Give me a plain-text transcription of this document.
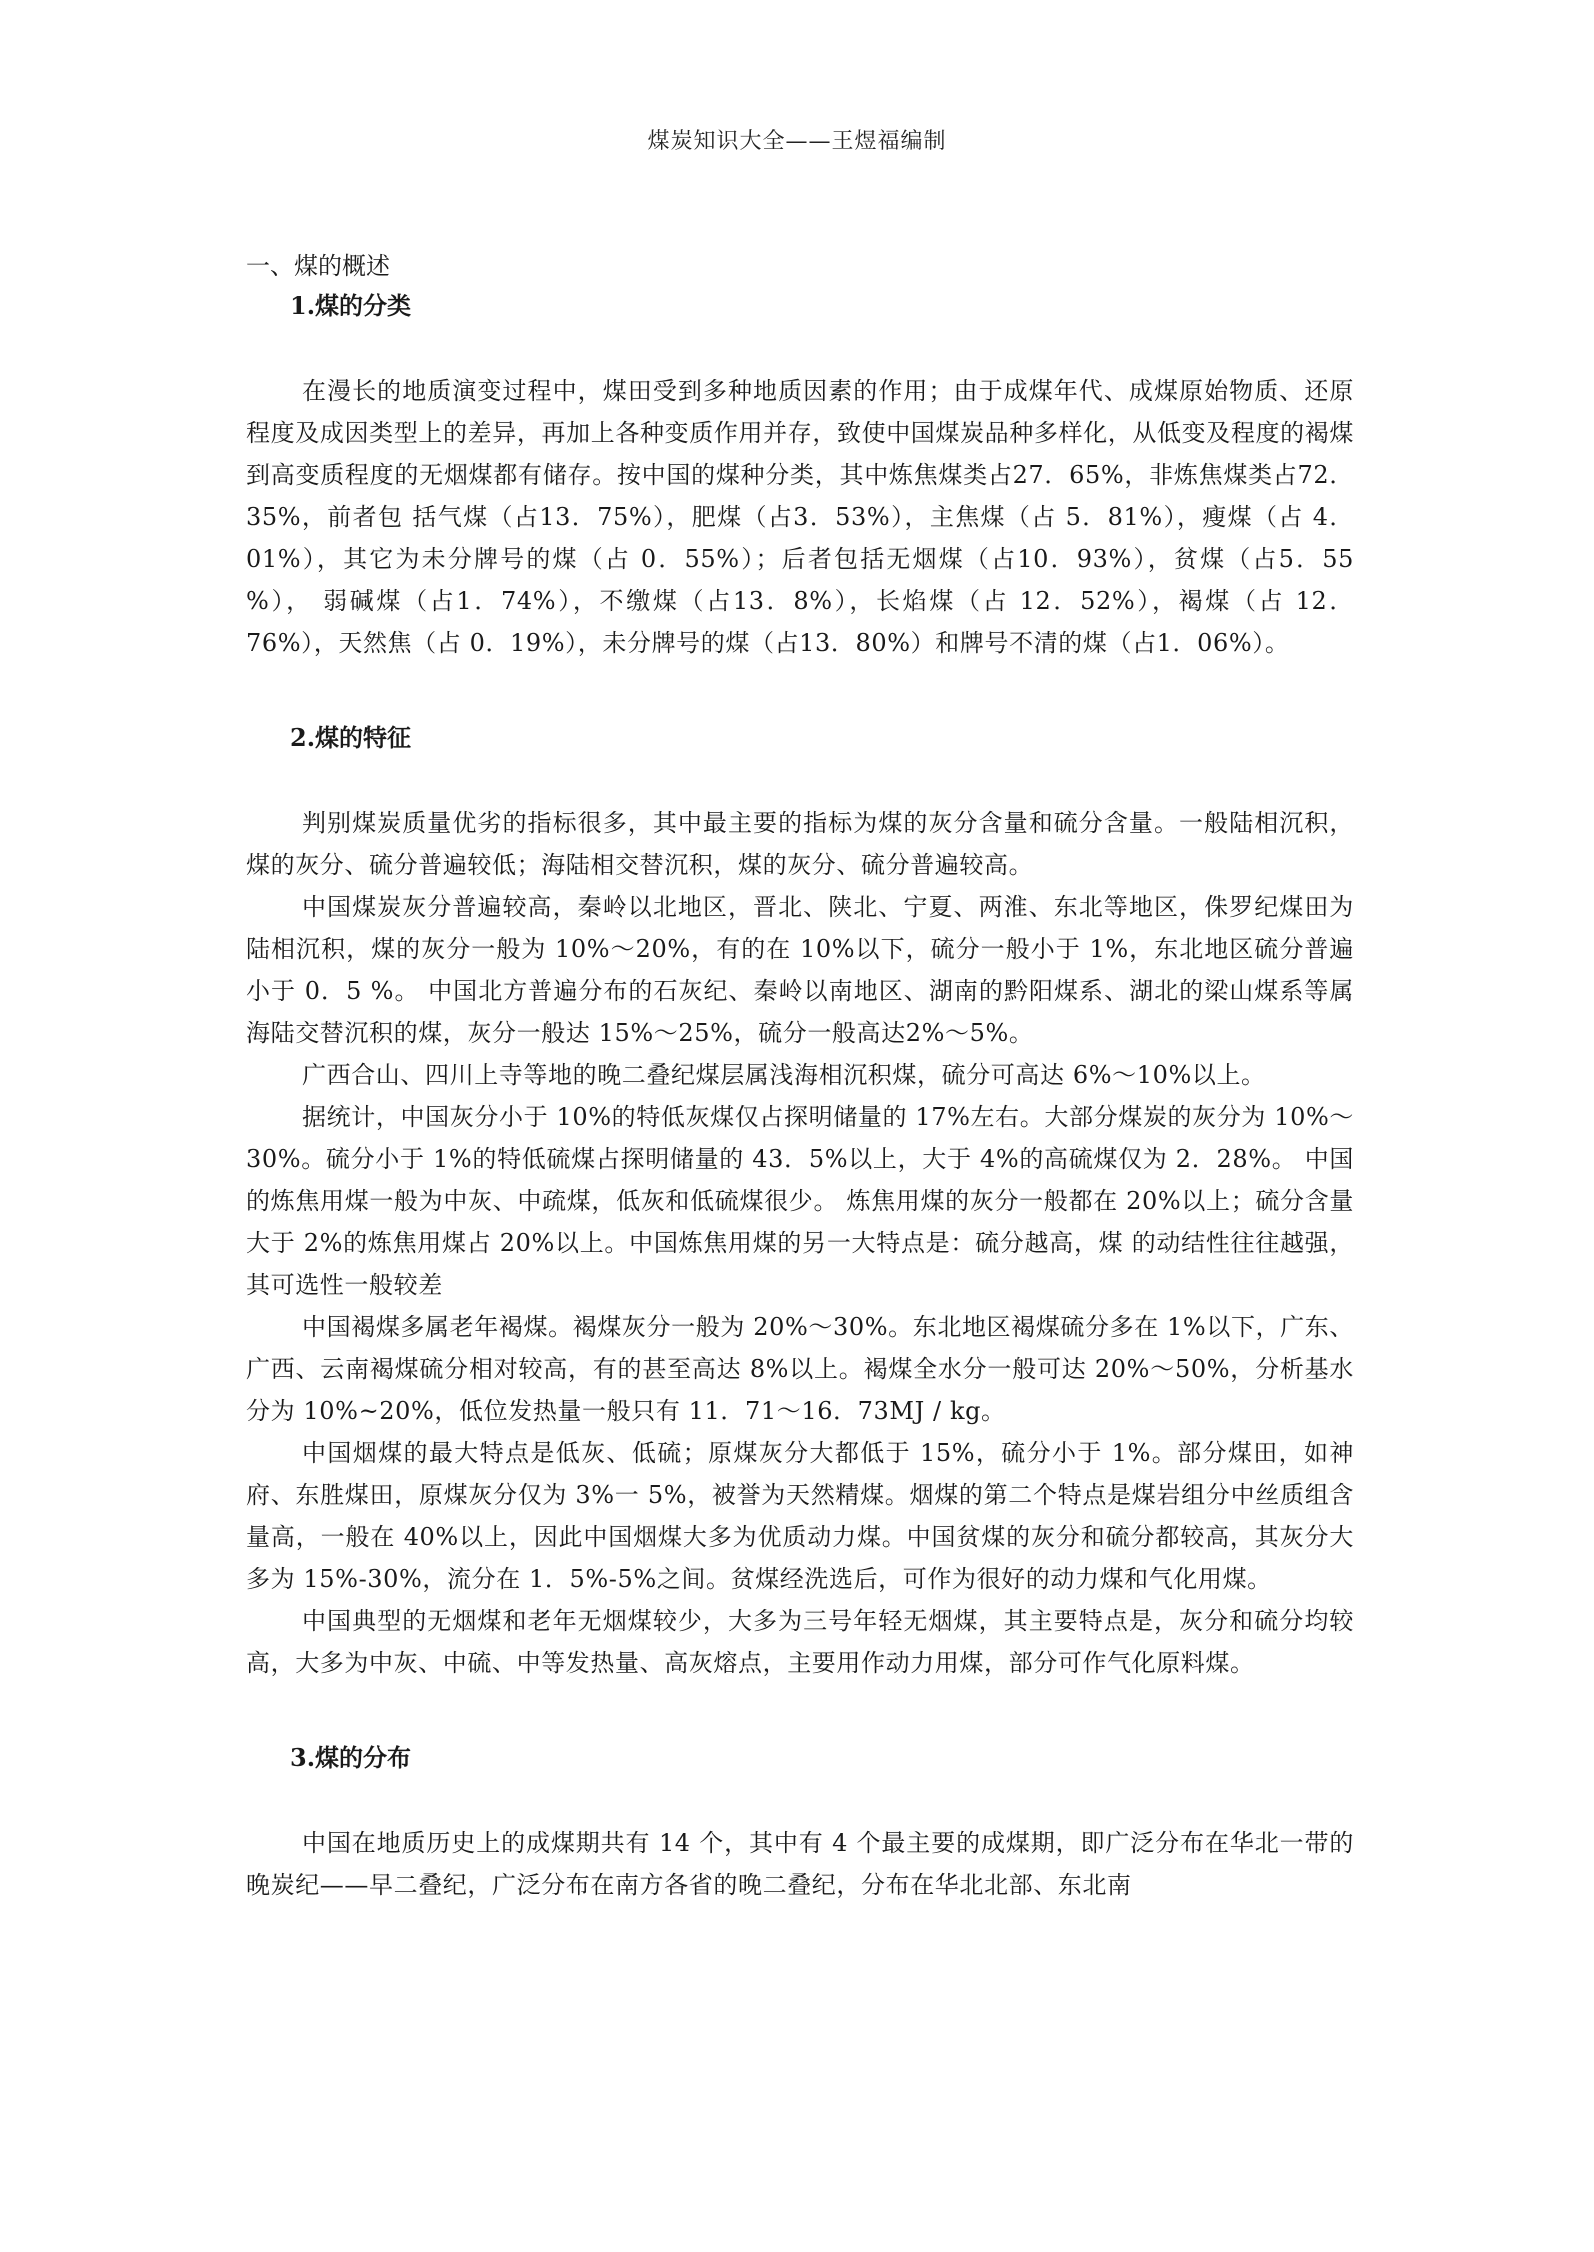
煤炭知识大全——王煜福编制

一、煤的概述

1.煤的分类

在漫长的地质演变过程中，煤田受到多种地质因素的作用；由于成煤年代、成煤原始物质、还原程度及成因类型上的差异，再加上各种变质作用并存，致使中国煤炭品种多样化，从低变及程度的褐煤到高变质程度的无烟煤都有储存。按中国的煤种分类，其中炼焦煤类占27．65%，非炼焦煤类占72．35%，前者包 括气煤（占13．75%），肥煤（占3．53%），主焦煤（占 5．81%），瘦煤（占 4．01%），其它为未分牌号的煤（占 0．55%）；后者包括无烟煤（占10．93%），贫煤（占5．55 %）， 弱碱煤（占1．74%），不缴煤（占13．8%），长焰煤（占 12．52%），褐煤（占 12．76%），天然焦（占 0．19%），未分牌号的煤（占13．80%）和牌号不清的煤（占1．06%）。

2.煤的特征

判别煤炭质量优劣的指标很多，其中最主要的指标为煤的灰分含量和硫分含量。一般陆相沉积，煤的灰分、硫分普遍较低；海陆相交替沉积，煤的灰分、硫分普遍较高。

中国煤炭灰分普遍较高，秦岭以北地区，晋北、陕北、宁夏、两淮、东北等地区，侏罗纪煤田为陆相沉积，煤的灰分一般为 10%～20%，有的在 10%以下，硫分一般小于 1%，东北地区硫分普遍小于 0．5 %。 中国北方普遍分布的石灰纪、秦岭以南地区、湖南的黔阳煤系、湖北的梁山煤系等属海陆交替沉积的煤，灰分一般达 15%～25%，硫分一般高达2%～5%。

广西合山、四川上寺等地的晚二叠纪煤层属浅海相沉积煤，硫分可高达 6%～10%以上。

据统计，中国灰分小于 10%的特低灰煤仅占探明储量的 17%左右。大部分煤炭的灰分为 10%～30%。硫分小于 1%的特低硫煤占探明储量的 43．5%以上，大于 4%的高硫煤仅为 2．28%。 中国的炼焦用煤一般为中灰、中疏煤，低灰和低硫煤很少。 炼焦用煤的灰分一般都在 20%以上；硫分含量大于 2%的炼焦用煤占 20%以上。中国炼焦用煤的另一大特点是：硫分越高，煤 的动结性往往越强，其可选性一般较差

中国褐煤多属老年褐煤。褐煤灰分一般为 20%～30%。东北地区褐煤硫分多在 1%以下，广东、广西、云南褐煤硫分相对较高，有的甚至高达 8%以上。褐煤全水分一般可达 20%～50%，分析基水分为 10%~20%，低位发热量一般只有 11．71～16．73MJ / kg。

中国烟煤的最大特点是低灰、低硫；原煤灰分大都低于 15%，硫分小于 1%。部分煤田，如神府、东胜煤田，原煤灰分仅为 3%一 5%，被誉为天然精煤。烟煤的第二个特点是煤岩组分中丝质组含量高，一般在 40%以上，因此中国烟煤大多为优质动力煤。中国贫煤的灰分和硫分都较高，其灰分大多为 15%-30%，流分在 1．5%-5%之间。贫煤经洗选后，可作为很好的动力煤和气化用煤。

中国典型的无烟煤和老年无烟煤较少，大多为三号年轻无烟煤，其主要特点是，灰分和硫分均较高，大多为中灰、中硫、中等发热量、高灰熔点，主要用作动力用煤，部分可作气化原料煤。

3.煤的分布

中国在地质历史上的成煤期共有 14 个，其中有 4 个最主要的成煤期，即广泛分布在华北一带的晚炭纪——早二叠纪，广泛分布在南方各省的晚二叠纪，分布在华北北部、东北南
